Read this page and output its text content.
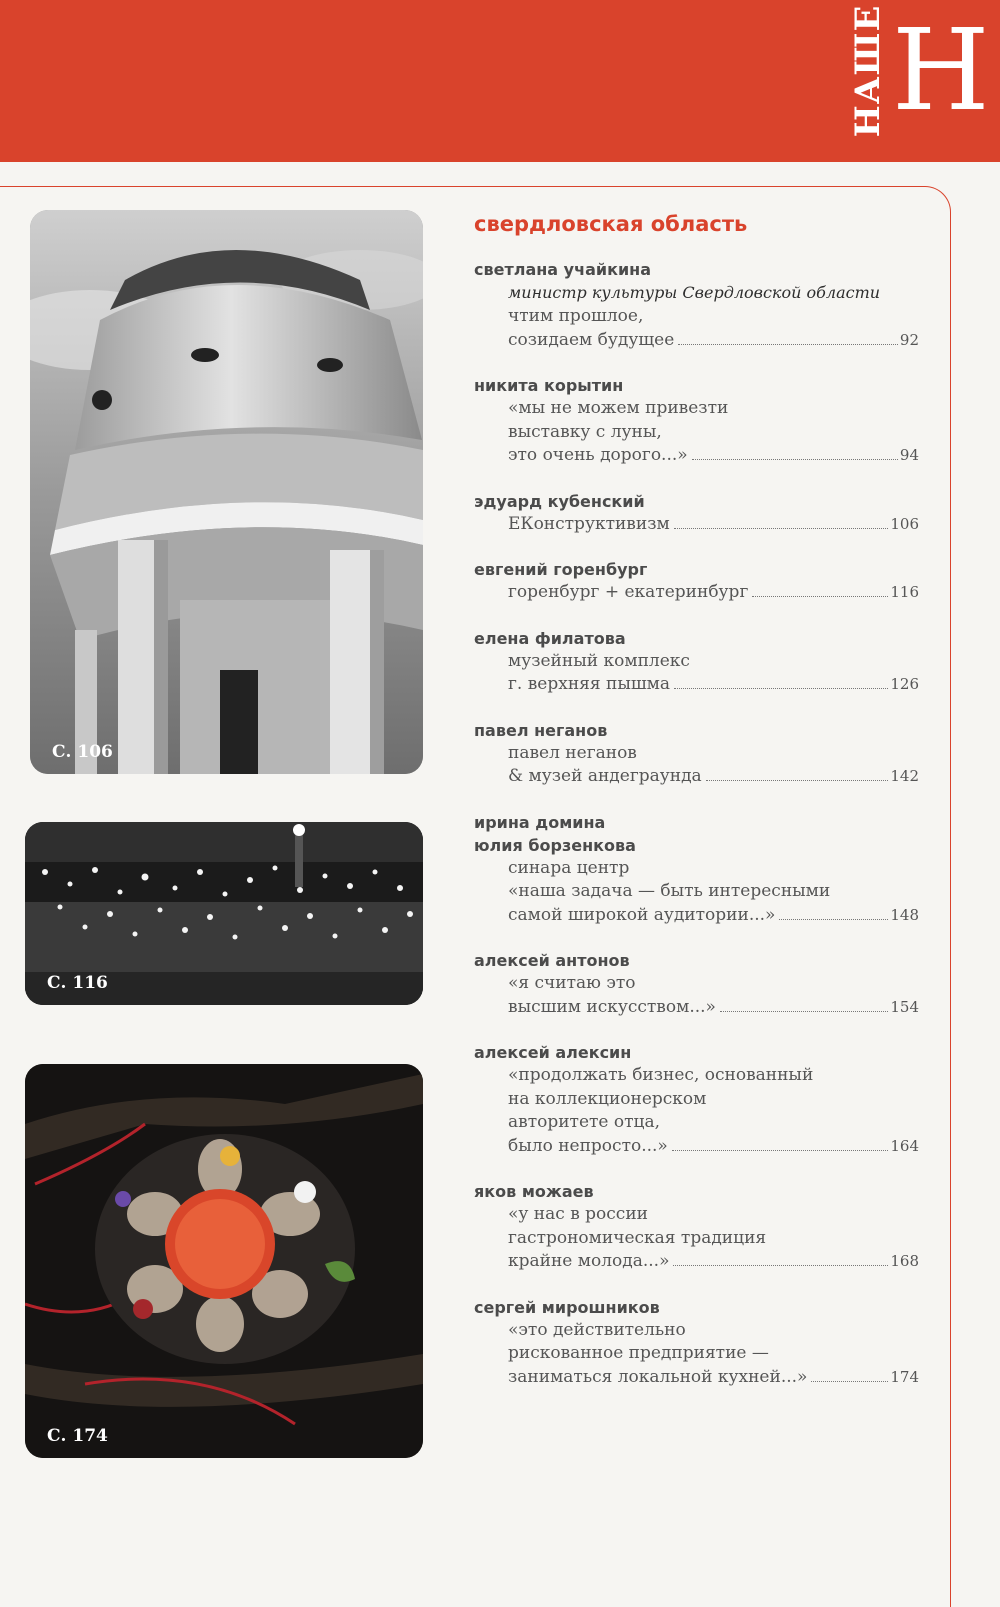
НАШЕ Н
С. 106
С. 116
С. 174
свердловская область
светлана учайкина
министр культуры Свердловской области
чтим прошлое,
созидаем будущее	92
никита корытин
«мы не можем привезти
выставку с луны,
это очень дорого...»	94
эдуард кубенский
ЕКонструктивизм	106
евгений горенбург
горенбург + екатеринбург	116
елена филатова
музейный комплекс
г. верхняя пышма	126
павел неганов
павел неганов
& музей андеграунда	142
ирина домина
юлия борзенкова
синара центр
«наша задача — быть интересными
самой широкой аудитории...»	148
алексей антонов
«я считаю это
высшим искусством...»	154
алексей алексин
«продолжать бизнес, основанный
на коллекционерском
авторитете отца,
было непросто...»	164
яков можаев
«у нас в россии
гастрономическая традиция
крайне молода...»	168
сергей мирошников
«это действительно
рискованное предприятие —
заниматься локальной кухней...»	174
